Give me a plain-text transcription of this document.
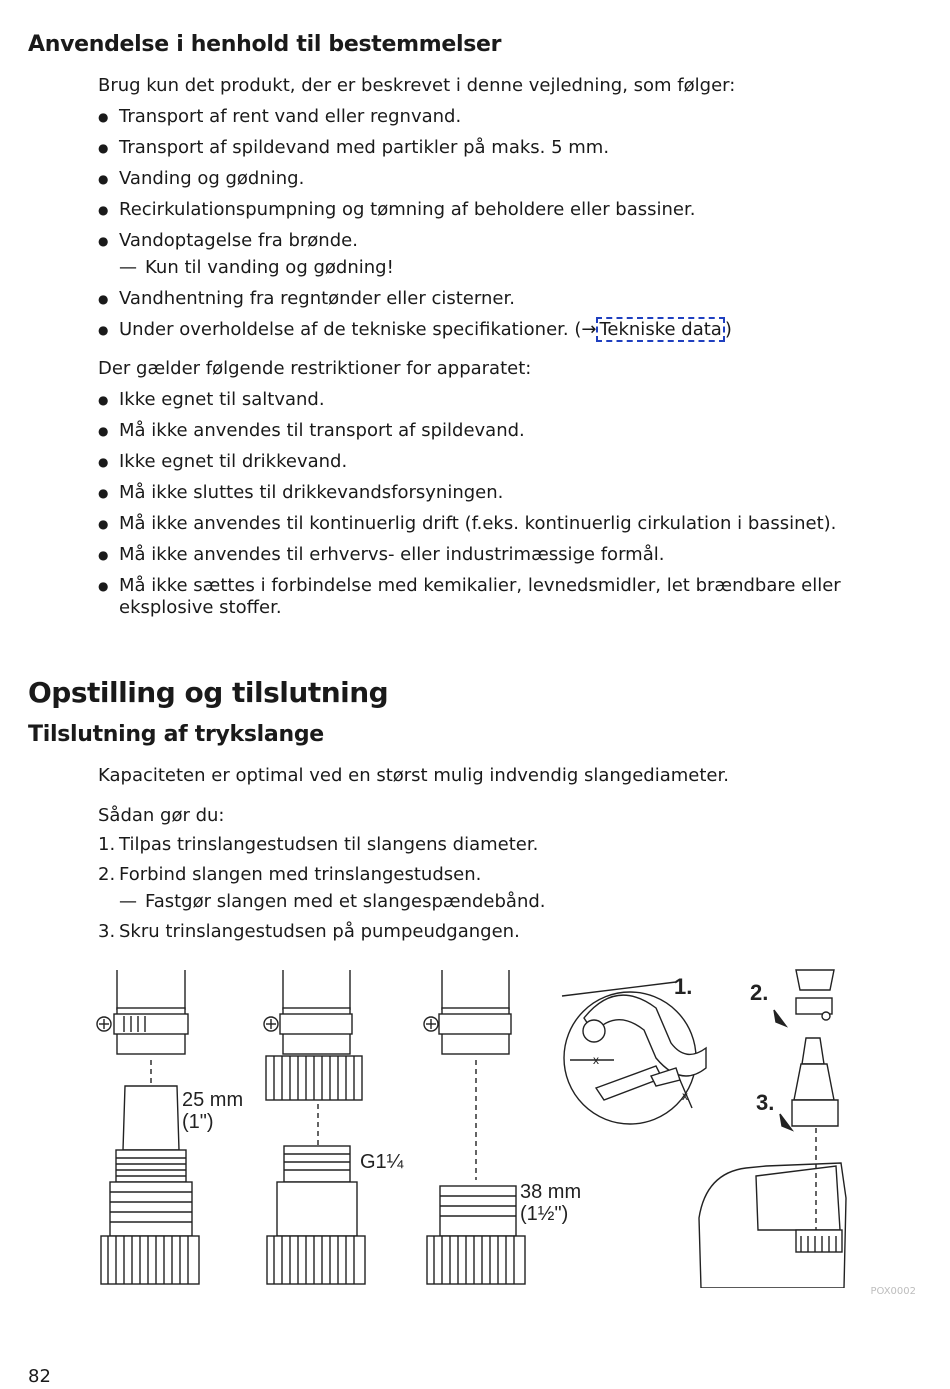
Anvendelse i henhold til bestemmelser

Brug kun det produkt, der er beskrevet i denne vejledning, som følger:

● Transport af rent vand eller regnvand.
● Transport af spildevand med partikler på maks. 5 mm.
● Vanding og gødning.
● Recirkulationspumpning og tømning af beholdere eller bassiner.
● Vandoptagelse fra brønde.
— Kun til vanding og gødning!
● Vandhentning fra regntønder eller cisterner.
● Under overholdelse af de tekniske specifikationer. (→ Tekniske data )

Der gælder følgende restriktioner for apparatet:

● Ikke egnet til saltvand.
● Må ikke anvendes til transport af spildevand.
● Ikke egnet til drikkevand.
● Må ikke sluttes til drikkevandsforsyningen.
● Må ikke anvendes til kontinuerlig drift (f.eks. kontinuerlig cirkulation i bassinet).
● Må ikke anvendes til erhvervs- eller industrimæssige formål.
● Må ikke sættes i forbindelse med kemikalier, levnedsmidler, let brændbare eller eksplosive stoffer.
Opstilling og tilslutning
Tilslutning af trykslange

Kapaciteten er optimal ved en størst mulig indvendig slangediameter.

Sådan gør du:

1. Tilpas trinslangestudsen til slangens diameter.
2. Forbind slangen med trinslangestudsen.
— Fastgør slangen med et slangespændebånd.
3. Skru trinslangestudsen på pumpeudgangen.
25 mm
(1")
G1¼
38 mm
(1½")
x
x
1.	2.
3.
POX0002
82
